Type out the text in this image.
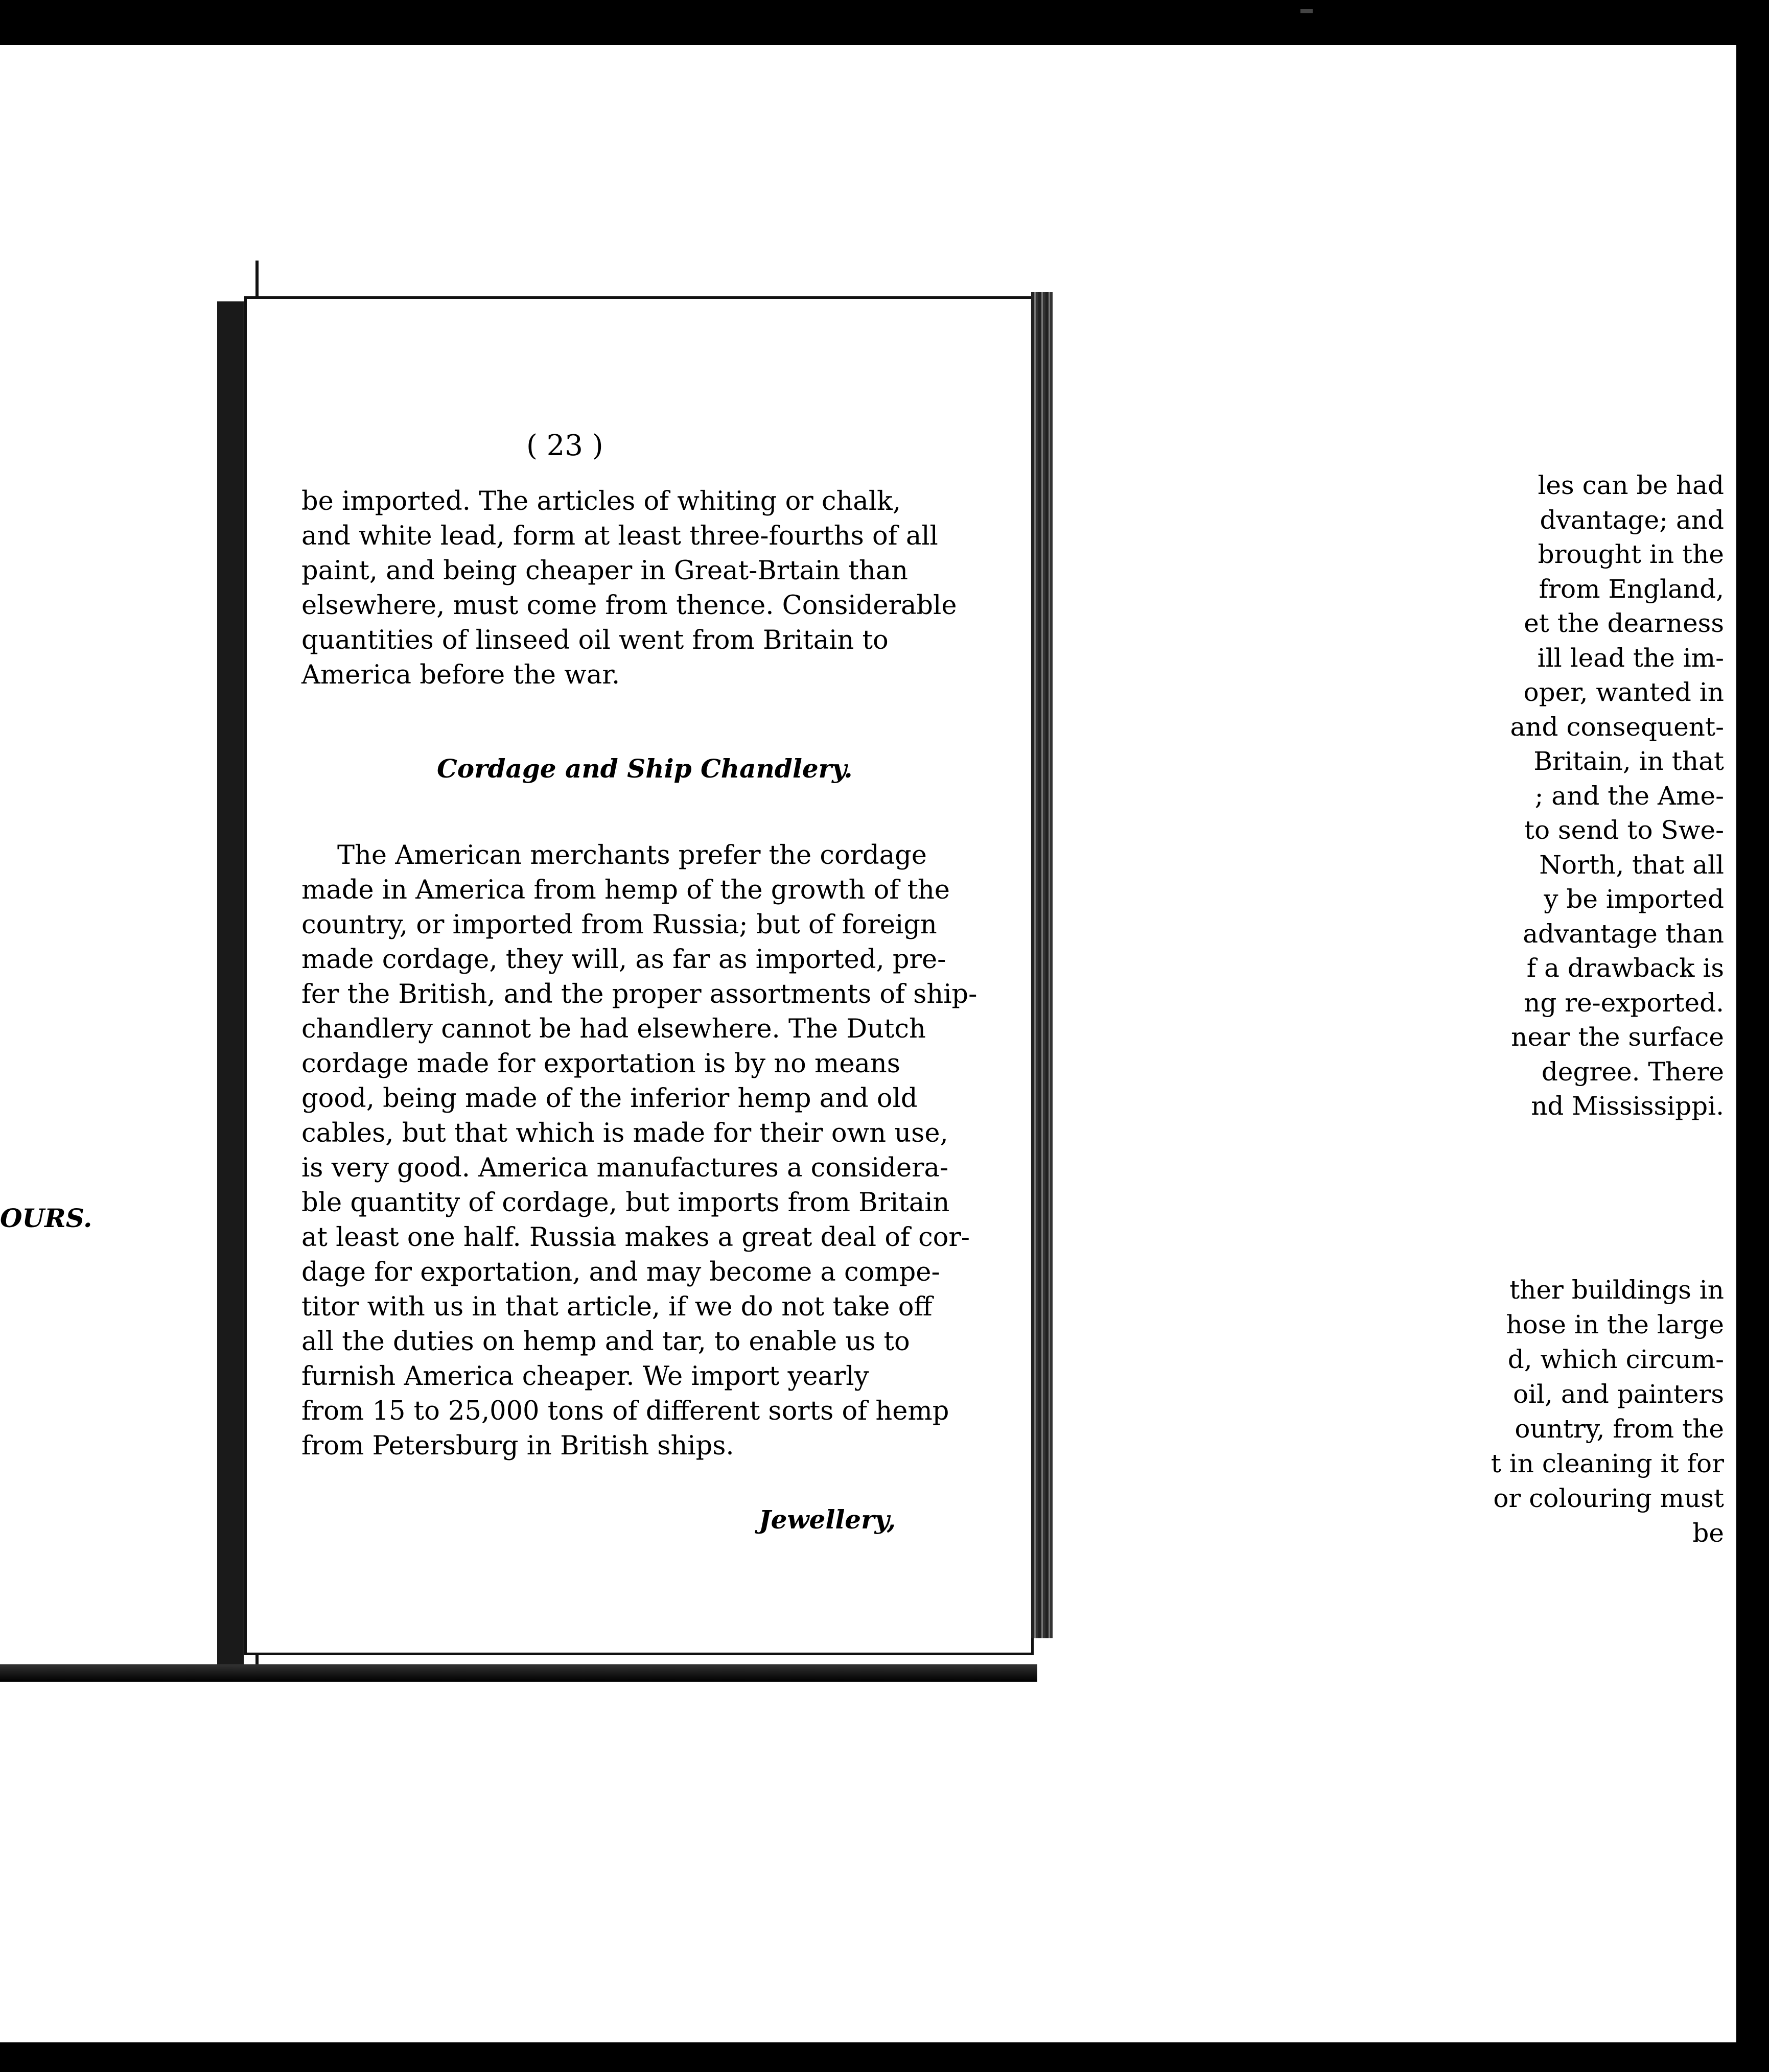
les can be had
dvantage; and
brought in the
from England,
et the dearness
ill lead the im-
oper, wanted in
and consequent-
Britain, in that
; and the Ame-
to send to Swe-
North, that all
y be imported
advantage than
f a drawback is
ng re-exported.
near the surface
degree. There
nd Mississippi.
OURS.
ther buildings in
hose in the large
d, which circum-
oil, and painters
ountry, from the
t in cleaning it for
or colouring must
be
( 23 )
be imported. The articles of whiting or chalk,
and white lead, form at least three-fourths of all
paint, and being cheaper in Great-Brtain than
elsewhere, must come from thence. Considerable
quantities of linseed oil went from Britain to
America before the war.
Cordage and Ship Chandlery.
The American merchants prefer the cordage
made in America from hemp of the growth of the
country, or imported from Russia; but of foreign
made cordage, they will, as far as imported, pre-
fer the British, and the proper assortments of ship-
chandlery cannot be had elsewhere. The Dutch
cordage made for exportation is by no means
good, being made of the inferior hemp and old
cables, but that which is made for their own use,
is very good. America manufactures a considera-
ble quantity of cordage, but imports from Britain
at least one half. Russia makes a great deal of cor-
dage for exportation, and may become a compe-
titor with us in that article, if we do not take off
all the duties on hemp and tar, to enable us to
furnish America cheaper. We import yearly
from 15 to 25,000 tons of different sorts of hemp
from Petersburg in British ships.
Jewellery,
